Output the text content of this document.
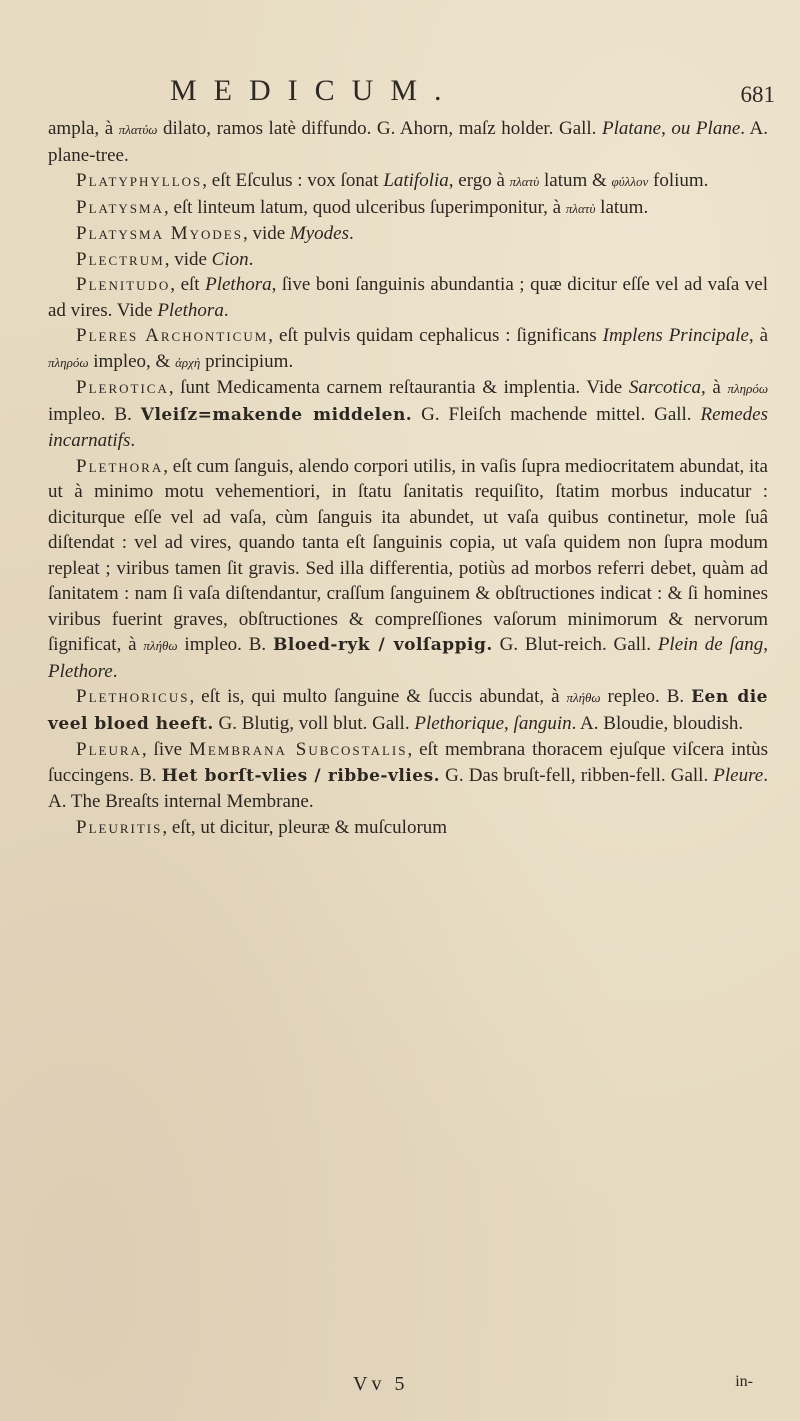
MEDICUM.	681

ampla, à πλατύω dilato, ramos latè diffundo. G. Ahorn, maſz holder. Gall. Platane, ou Plane. A. plane-tree.

Platyphyllos, eſt Eſculus : vox ſonat Latifolia, ergo à πλατὺ latum & φύλλον folium.

Platysma, eſt linteum latum, quod ulceribus ſuperimponitur, à πλατὺ latum.

Platysma Myodes, vide Myodes.

Plectrum, vide Cion.

Plenitudo, eſt Plethora, ſive boni ſanguinis abundantia ; quæ dicitur eſſe vel ad vaſa vel ad vires. Vide Plethora.

Pleres Archonticum, eſt pulvis quidam cephalicus : ſignificans Implens Principale, à πληρόω impleo, & ἀρχὴ principium.

Plerotica, ſunt Medicamenta carnem reſtaurantia & implentia. Vide Sarcotica, à πληρόω impleo. B. Vleiſz=makende middelen. G. Fleiſch machende mittel. Gall. Remedes incarnatifs.

Plethora, eſt cum ſanguis, alendo corpori utilis, in vaſis ſupra mediocritatem abundat, ita ut à minimo motu vehementiori, in ſtatu ſanitatis requiſito, ſtatim morbus inducatur : diciturque eſſe vel ad vaſa, cùm ſanguis ita abundet, ut vaſa quibus continetur, mole ſuâ diſtendat : vel ad vires, quando tanta eſt ſanguinis copia, ut vaſa quidem non ſupra modum repleat ; viribus tamen ſit gravis. Sed illa differentia, potiùs ad morbos referri debet, quàm ad ſanitatem : nam ſi vaſa diſtendantur, craſſum ſanguinem & obſtructiones indicat : & ſi homines viribus fuerint graves, obſtructiones & compreſſiones vaſorum minimorum & nervorum ſignificat, à πλήθω impleo. B. Bloed-ryk / volſappig. G. Blut-reich. Gall. Plein de ſang, Plethore.

Plethoricus, eſt is, qui multo ſanguine & ſuccis abundat, à πλήθω repleo. B. Een die veel bloed heeft. G. Blutig, voll blut. Gall. Plethorique, ſanguin. A. Bloudie, bloudish.

Pleura, ſive Membrana Subcostalis, eſt membrana thoracem ejuſque viſcera intùs ſuccingens. B. Het borſt-vlies / ribbe-vlies. G. Das bruſt-fell, ribben-fell. Gall. Pleure. A. The Breaſts internal Membrane.

Pleuritis, eſt, ut dicitur, pleuræ & muſculorum

Vv 5	in-
